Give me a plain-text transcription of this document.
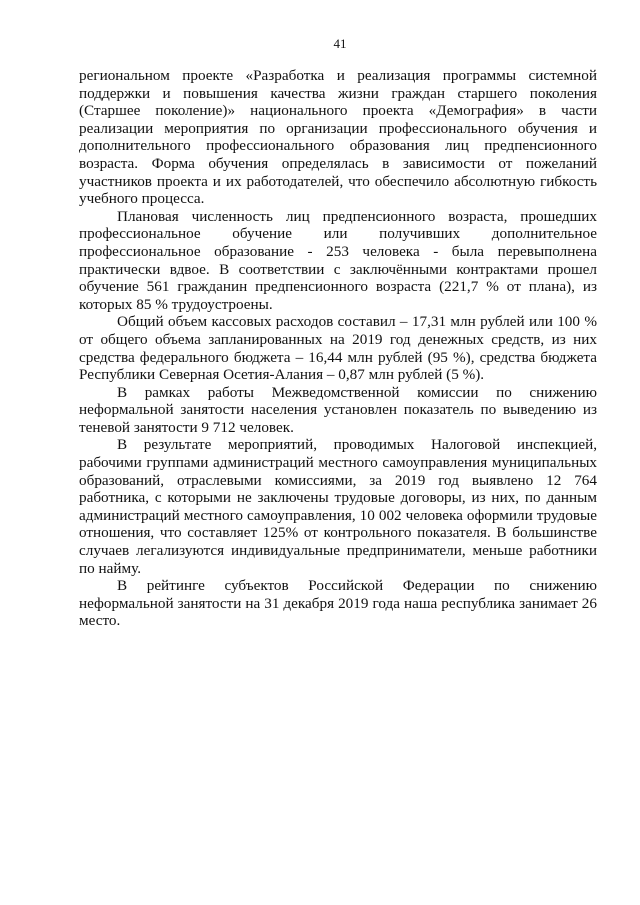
41

региональном проекте «Разработка и реализация программы системной поддержки и повышения качества жизни граждан старшего поколения (Старшее поколение)» национального проекта «Демография» в части реализации мероприятия по организации профессионального обучения и дополнительного профессионального образования лиц предпенсионного возраста. Форма обучения определялась в зависимости от пожеланий участников проекта и их работодателей, что обеспечило абсолютную гибкость учебного процесса.

Плановая численность лиц предпенсионного возраста, прошедших профессиональное обучение или получивших дополнительное профессиональное образование - 253 человека - была перевыполнена практически вдвое. В соответствии с заключёнными контрактами прошел обучение 561 гражданин предпенсионного возраста (221,7 % от плана), из которых 85 % трудоустроены.

Общий объем кассовых расходов составил – 17,31 млн рублей или 100 % от общего объема запланированных на 2019 год денежных средств, из них средства федерального бюджета – 16,44 млн рублей (95 %), средства бюджета Республики Северная Осетия-Алания – 0,87 млн рублей (5 %).

В рамках работы Межведомственной комиссии по снижению неформальной занятости населения установлен показатель по выведению из теневой занятости 9 712 человек.

В результате мероприятий, проводимых Налоговой инспекцией, рабочими группами администраций местного самоуправления муниципальных образований, отраслевыми комиссиями, за 2019 год выявлено 12 764 работника, с которыми не заключены трудовые договоры, из них, по данным администраций местного самоуправления, 10 002 человека оформили трудовые отношения, что составляет 125% от контрольного показателя. В большинстве случаев легализуются индивидуальные предприниматели, меньше работники по найму.

В рейтинге субъектов Российской Федерации по снижению неформальной занятости на 31 декабря 2019 года наша республика занимает 26 место.
